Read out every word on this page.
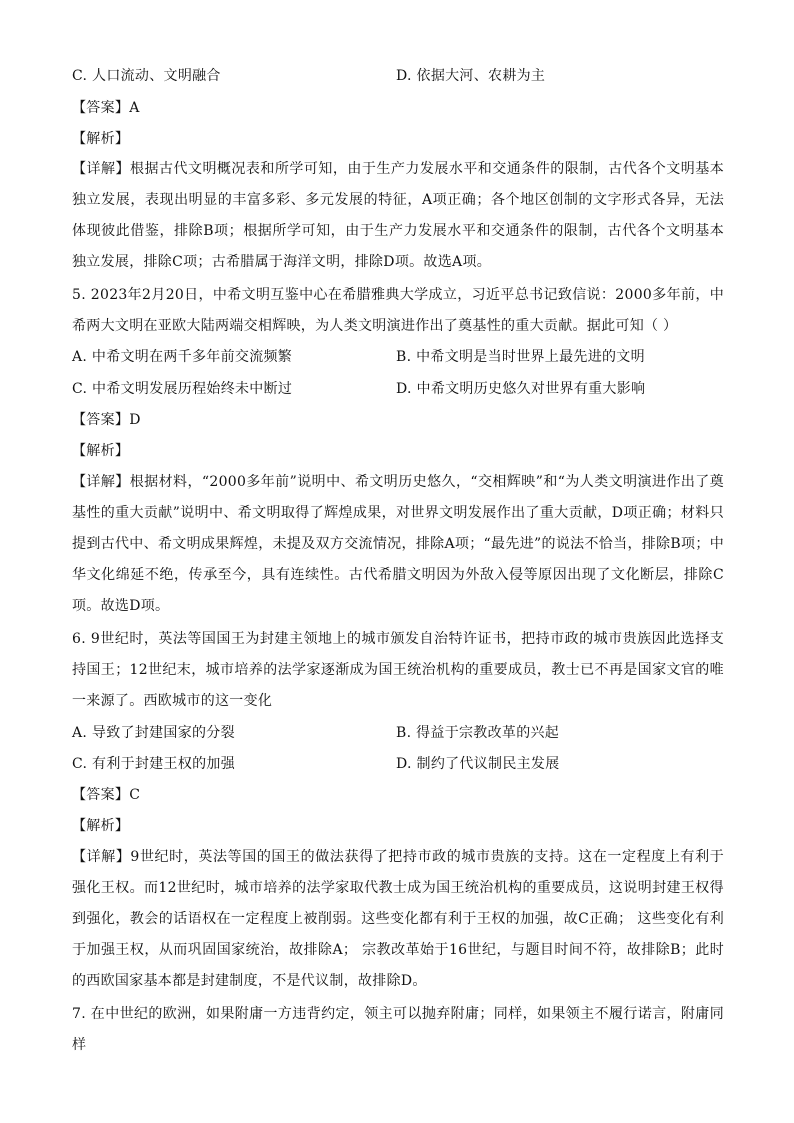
C. 人口流动、文明融合	D. 依据大河、农耕为主
【答案】A
【解析】
【详解】根据古代文明概况表和所学可知，由于生产力发展水平和交通条件的限制，古代各个文明基本独立发展，表现出明显的丰富多彩、多元发展的特征，A项正确；各个地区创制的文字形式各异，无法体现彼此借鉴，排除B项；根据所学可知，由于生产力发展水平和交通条件的限制，古代各个文明基本独立发展，排除C项；古希腊属于海洋文明，排除D项。故选A项。
5. 2023年2月20日，中希文明互鉴中心在希腊雅典大学成立，习近平总书记致信说：2000多年前，中希两大文明在亚欧大陆两端交相辉映，为人类文明演进作出了奠基性的重大贡献。据此可知（ ）
A. 中希文明在两千多年前交流频繁	B. 中希文明是当时世界上最先进的文明
C. 中希文明发展历程始终未中断过	D. 中希文明历史悠久对世界有重大影响
【答案】D
【解析】
【详解】根据材料，“2000多年前”说明中、希文明历史悠久，“交相辉映”和“为人类文明演进作出了奠基性的重大贡献”说明中、希文明取得了辉煌成果，对世界文明发展作出了重大贡献，D项正确；材料只提到古代中、希文明成果辉煌，未提及双方交流情况，排除A项；“最先进”的说法不恰当，排除B项；中华文化绵延不绝，传承至今，具有连续性。古代希腊文明因为外敌入侵等原因出现了文化断层，排除C项。故选D项。
6. 9世纪时，英法等国国王为封建主领地上的城市颁发自治特许证书，把持市政的城市贵族因此选择支持国王；12世纪末，城市培养的法学家逐渐成为国王统治机构的重要成员，教士已不再是国家文官的唯一来源了。西欧城市的这一变化
A. 导致了封建国家的分裂	B. 得益于宗教改革的兴起
C. 有利于封建王权的加强	D. 制约了代议制民主发展
【答案】C
【解析】
【详解】9世纪时，英法等国的国王的做法获得了把持市政的城市贵族的支持。这在一定程度上有利于强化王权。而12世纪时，城市培养的法学家取代教士成为国王统治机构的重要成员，这说明封建王权得到强化，教会的话语权在一定程度上被削弱。这些变化都有利于王权的加强，故C正确； 这些变化有利于加强王权，从而巩固国家统治，故排除A； 宗教改革始于16世纪，与题目时间不符，故排除B；此时的西欧国家基本都是封建制度，不是代议制，故排除D。
7. 在中世纪的欧洲，如果附庸一方违背约定，领主可以抛弃附庸；同样，如果领主不履行诺言，附庸同样
